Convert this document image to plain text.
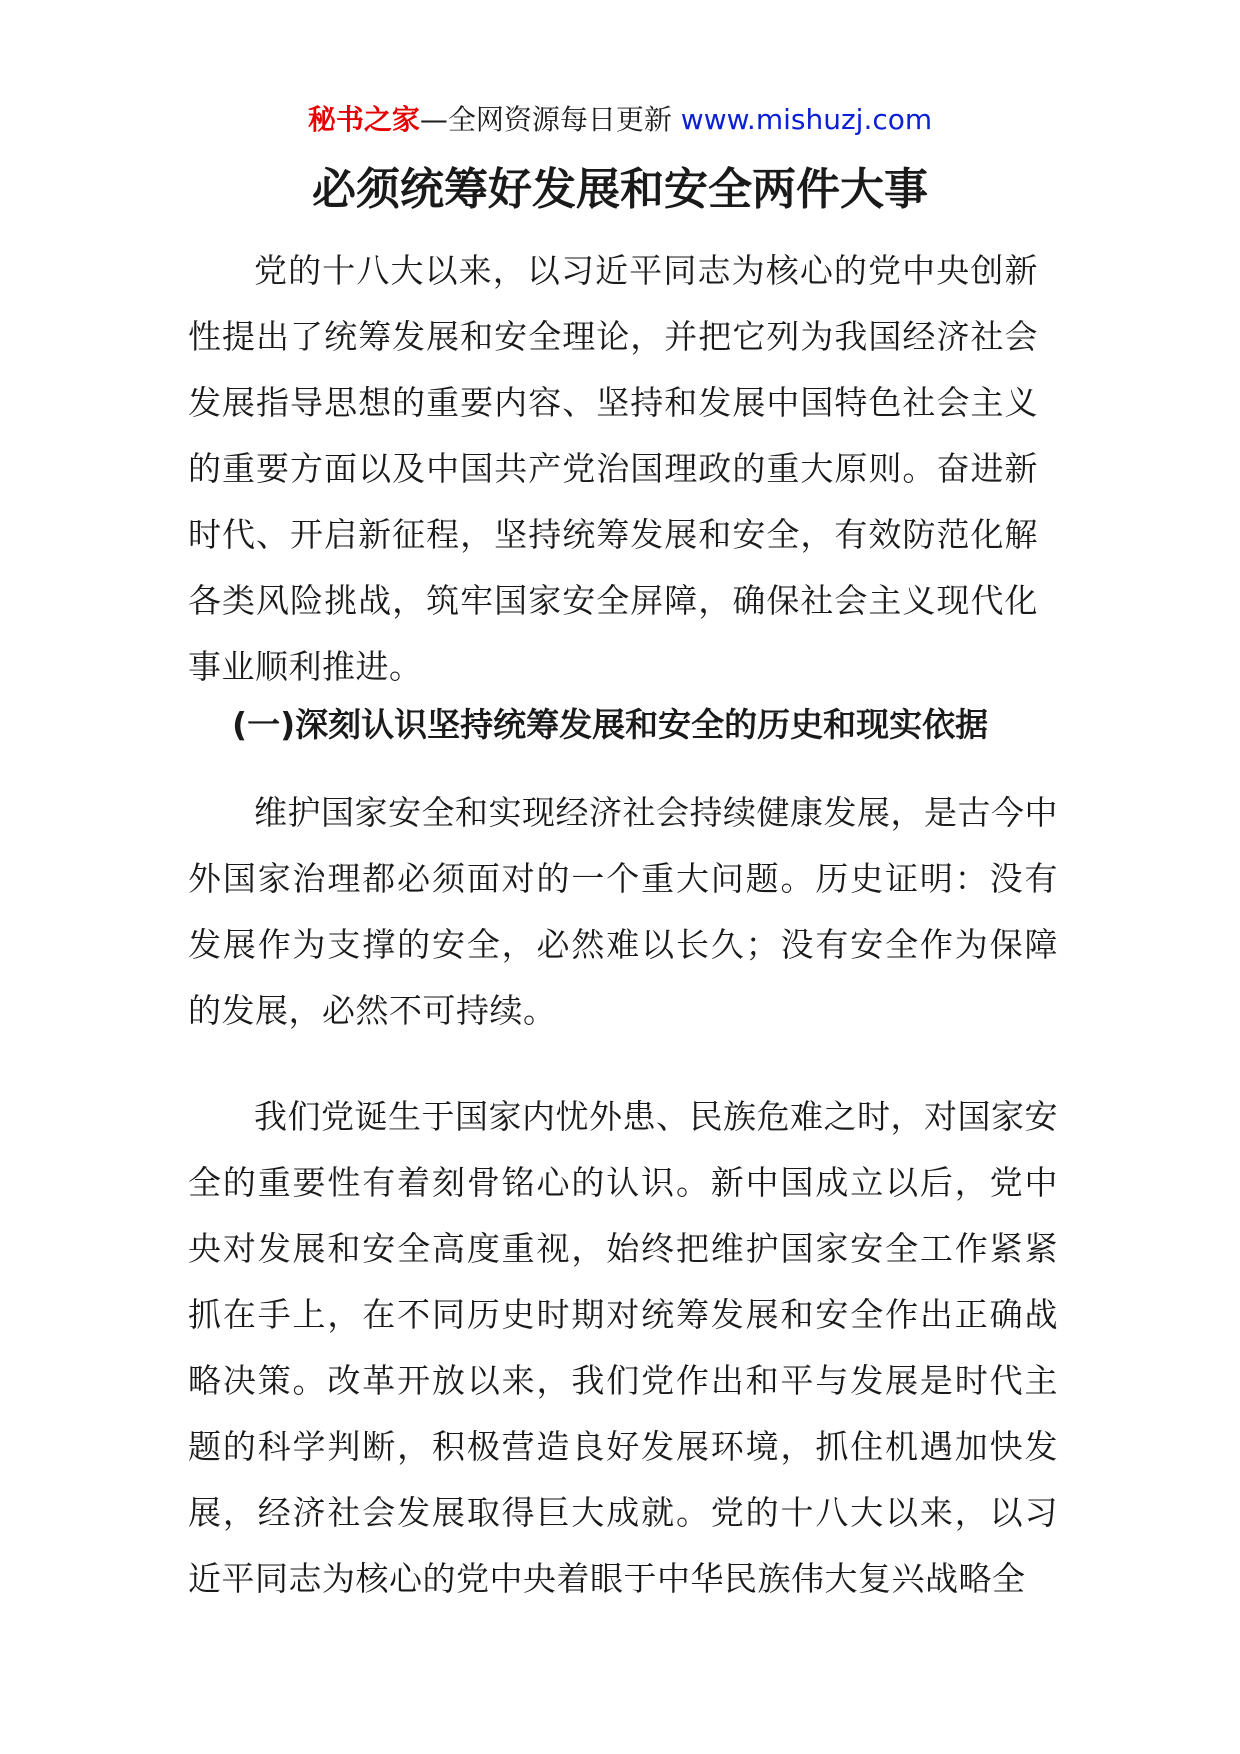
秘书之家—全网资源每日更新 www.mishuzj.com
必须统筹好发展和安全两件大事

党的十八大以来，以习近平同志为核心的党中央创新性提出了统筹发展和安全理论，并把它列为我国经济社会发展指导思想的重要内容、坚持和发展中国特色社会主义的重要方面以及中国共产党治国理政的重大原则。奋进新时代、开启新征程，坚持统筹发展和安全，有效防范化解各类风险挑战，筑牢国家安全屏障，确保社会主义现代化事业顺利推进。

(一)深刻认识坚持统筹发展和安全的历史和现实依据

维护国家安全和实现经济社会持续健康发展，是古今中外国家治理都必须面对的一个重大问题。历史证明：没有发展作为支撑的安全，必然难以长久；没有安全作为保障的发展，必然不可持续。

我们党诞生于国家内忧外患、民族危难之时，对国家安全的重要性有着刻骨铭心的认识。新中国成立以后，党中央对发展和安全高度重视，始终把维护国家安全工作紧紧抓在手上，在不同历史时期对统筹发展和安全作出正确战略决策。改革开放以来，我们党作出和平与发展是时代主题的科学判断，积极营造良好发展环境，抓住机遇加快发展，经济社会发展取得巨大成就。党的十八大以来，以习近平同志为核心的党中央着眼于中华民族伟大复兴战略全
